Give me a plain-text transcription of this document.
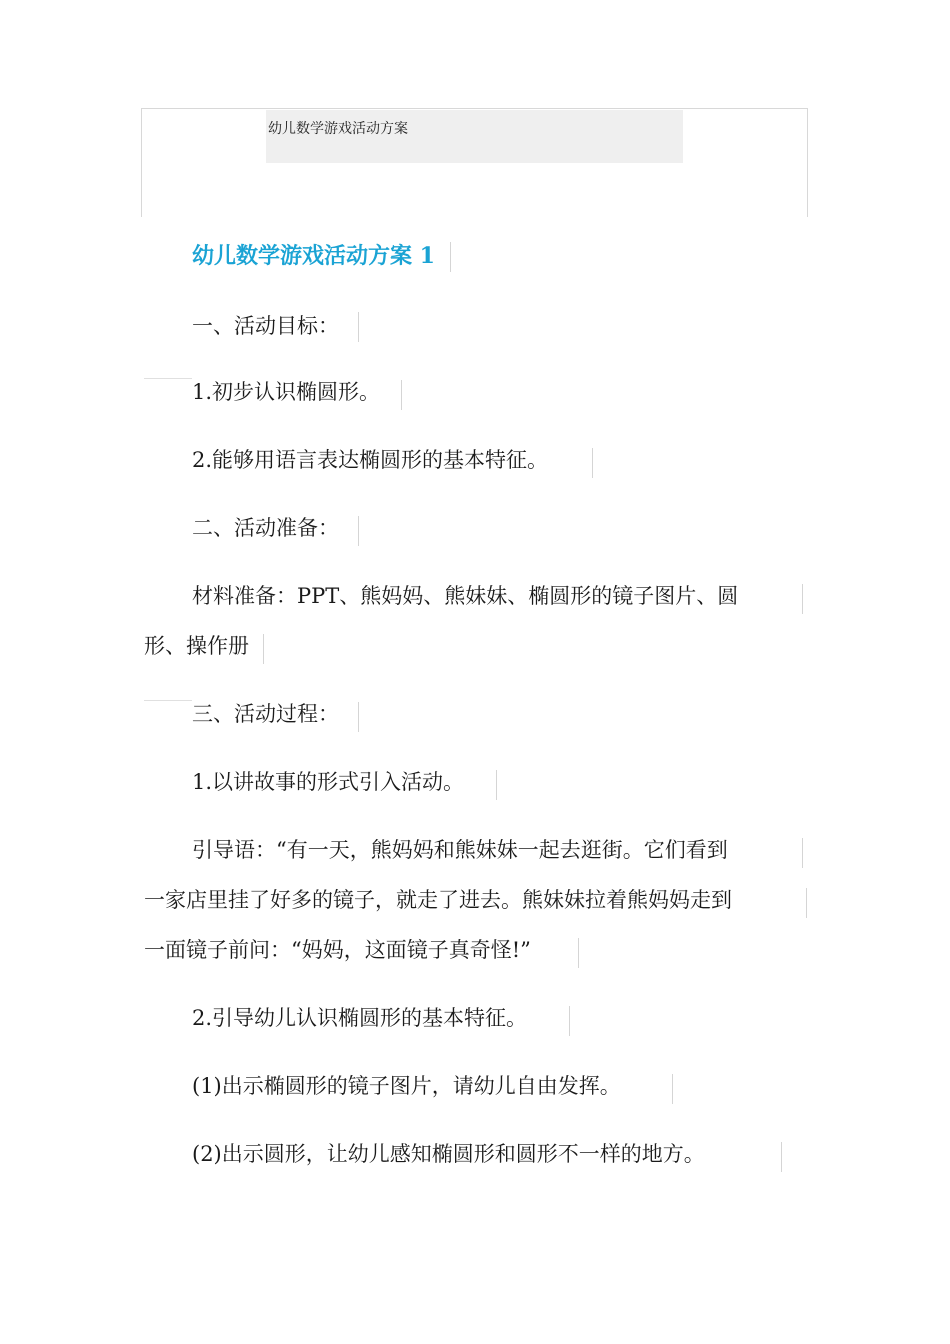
幼儿数学游戏活动方案
幼儿数学游戏活动方案 1
一、活动目标：
1.初步认识椭圆形。
2.能够用语言表达椭圆形的基本特征。
二、活动准备：
材料准备：PPT、熊妈妈、熊妹妹、椭圆形的镜子图片、圆
形、操作册
三、活动过程：
1.以讲故事的形式引入活动。
引导语：“有一天，熊妈妈和熊妹妹一起去逛街。它们看到
一家店里挂了好多的镜子，就走了进去。熊妹妹拉着熊妈妈走到
一面镜子前问：“妈妈，这面镜子真奇怪!”
2.引导幼儿认识椭圆形的基本特征。
(1)出示椭圆形的镜子图片，请幼儿自由发挥。
(2)出示圆形，让幼儿感知椭圆形和圆形不一样的地方。
